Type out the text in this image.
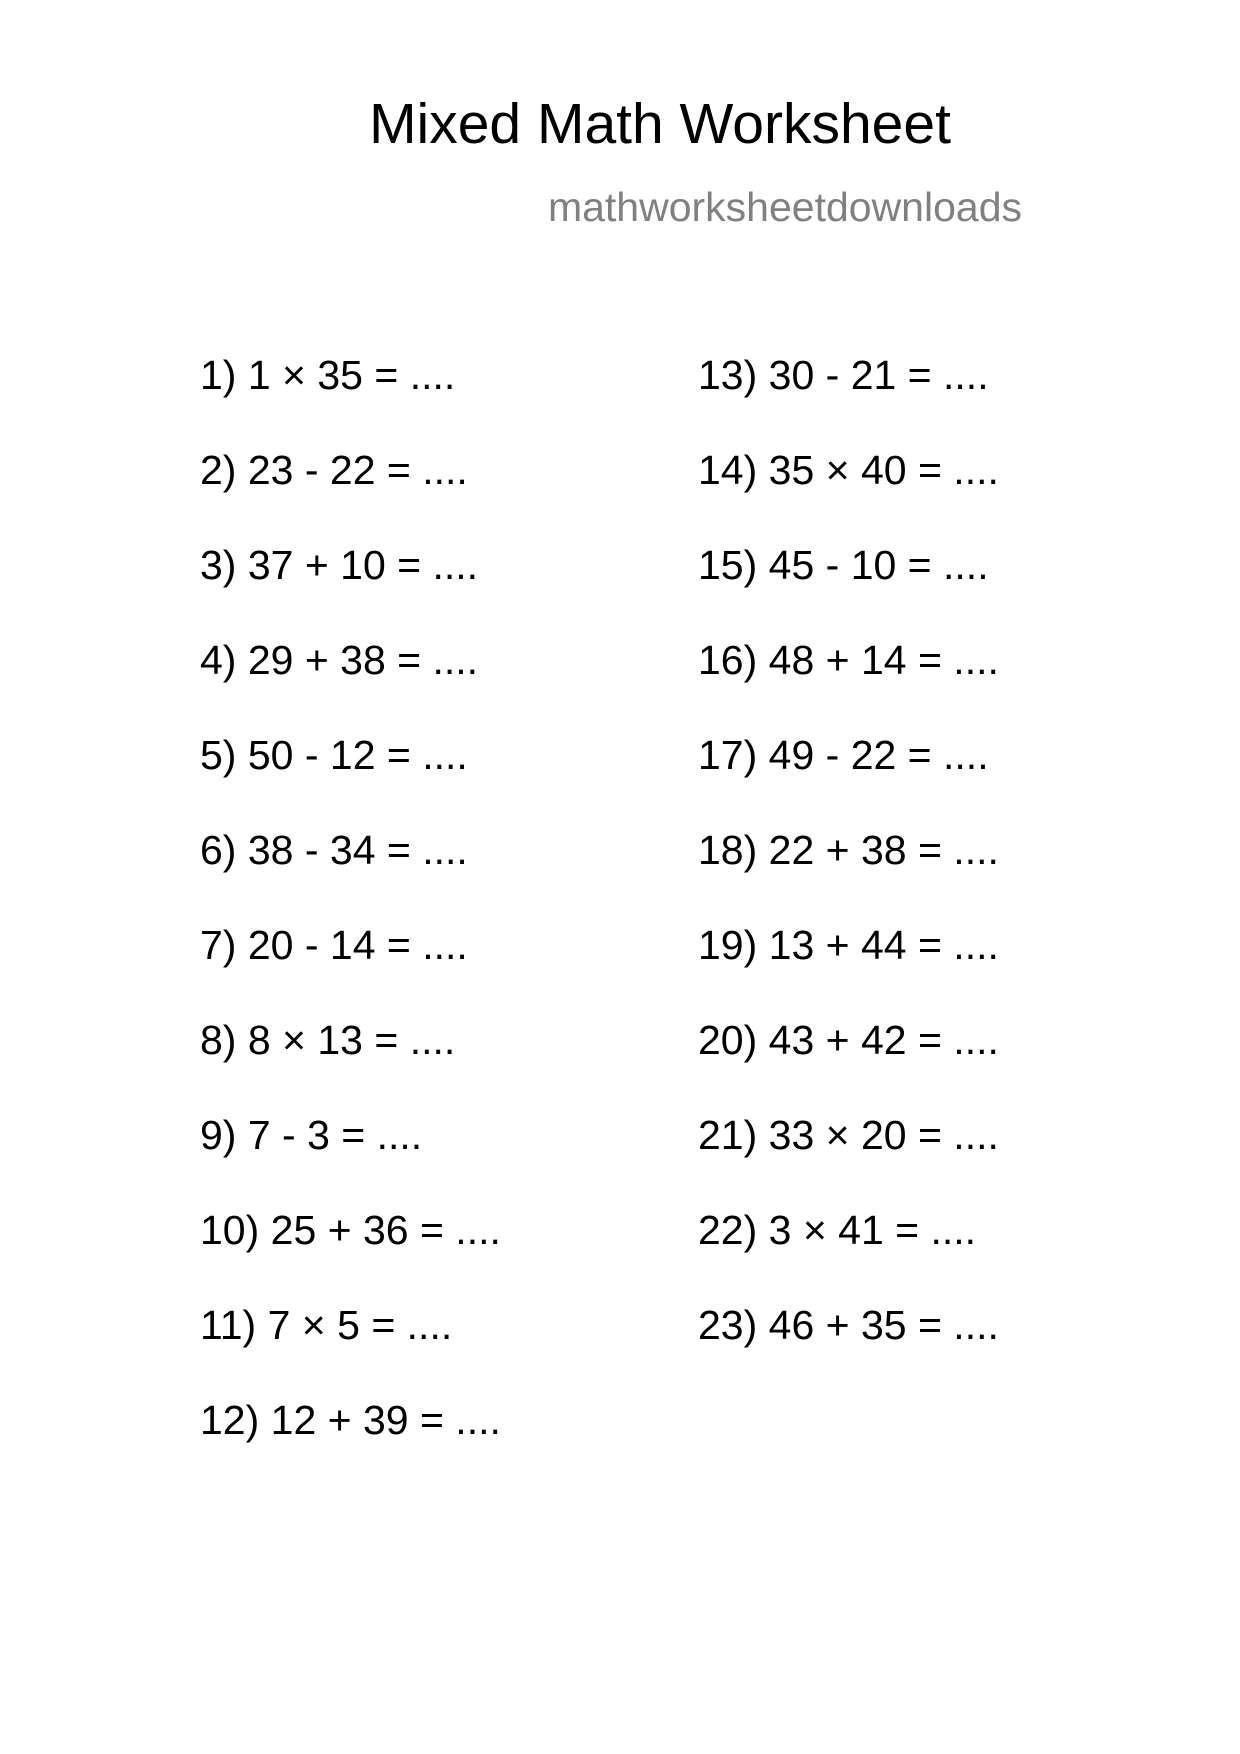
Mixed Math Worksheet
mathworksheetdownloads
1) 1 × 35 = ....
2) 23 - 22 = ....
3) 37 + 10 = ....
4) 29 + 38 = ....
5) 50 - 12 = ....
6) 38 - 34 = ....
7) 20 - 14 = ....
8) 8 × 13 = ....
9) 7 - 3 = ....
10) 25 + 36 = ....
11) 7 × 5 = ....
12) 12 + 39 = ....
13) 30 - 21 = ....
14) 35 × 40 = ....
15) 45 - 10 = ....
16) 48 + 14 = ....
17) 49 - 22 = ....
18) 22 + 38 = ....
19) 13 + 44 = ....
20) 43 + 42 = ....
21) 33 × 20 = ....
22) 3 × 41 = ....
23) 46 + 35 = ....
